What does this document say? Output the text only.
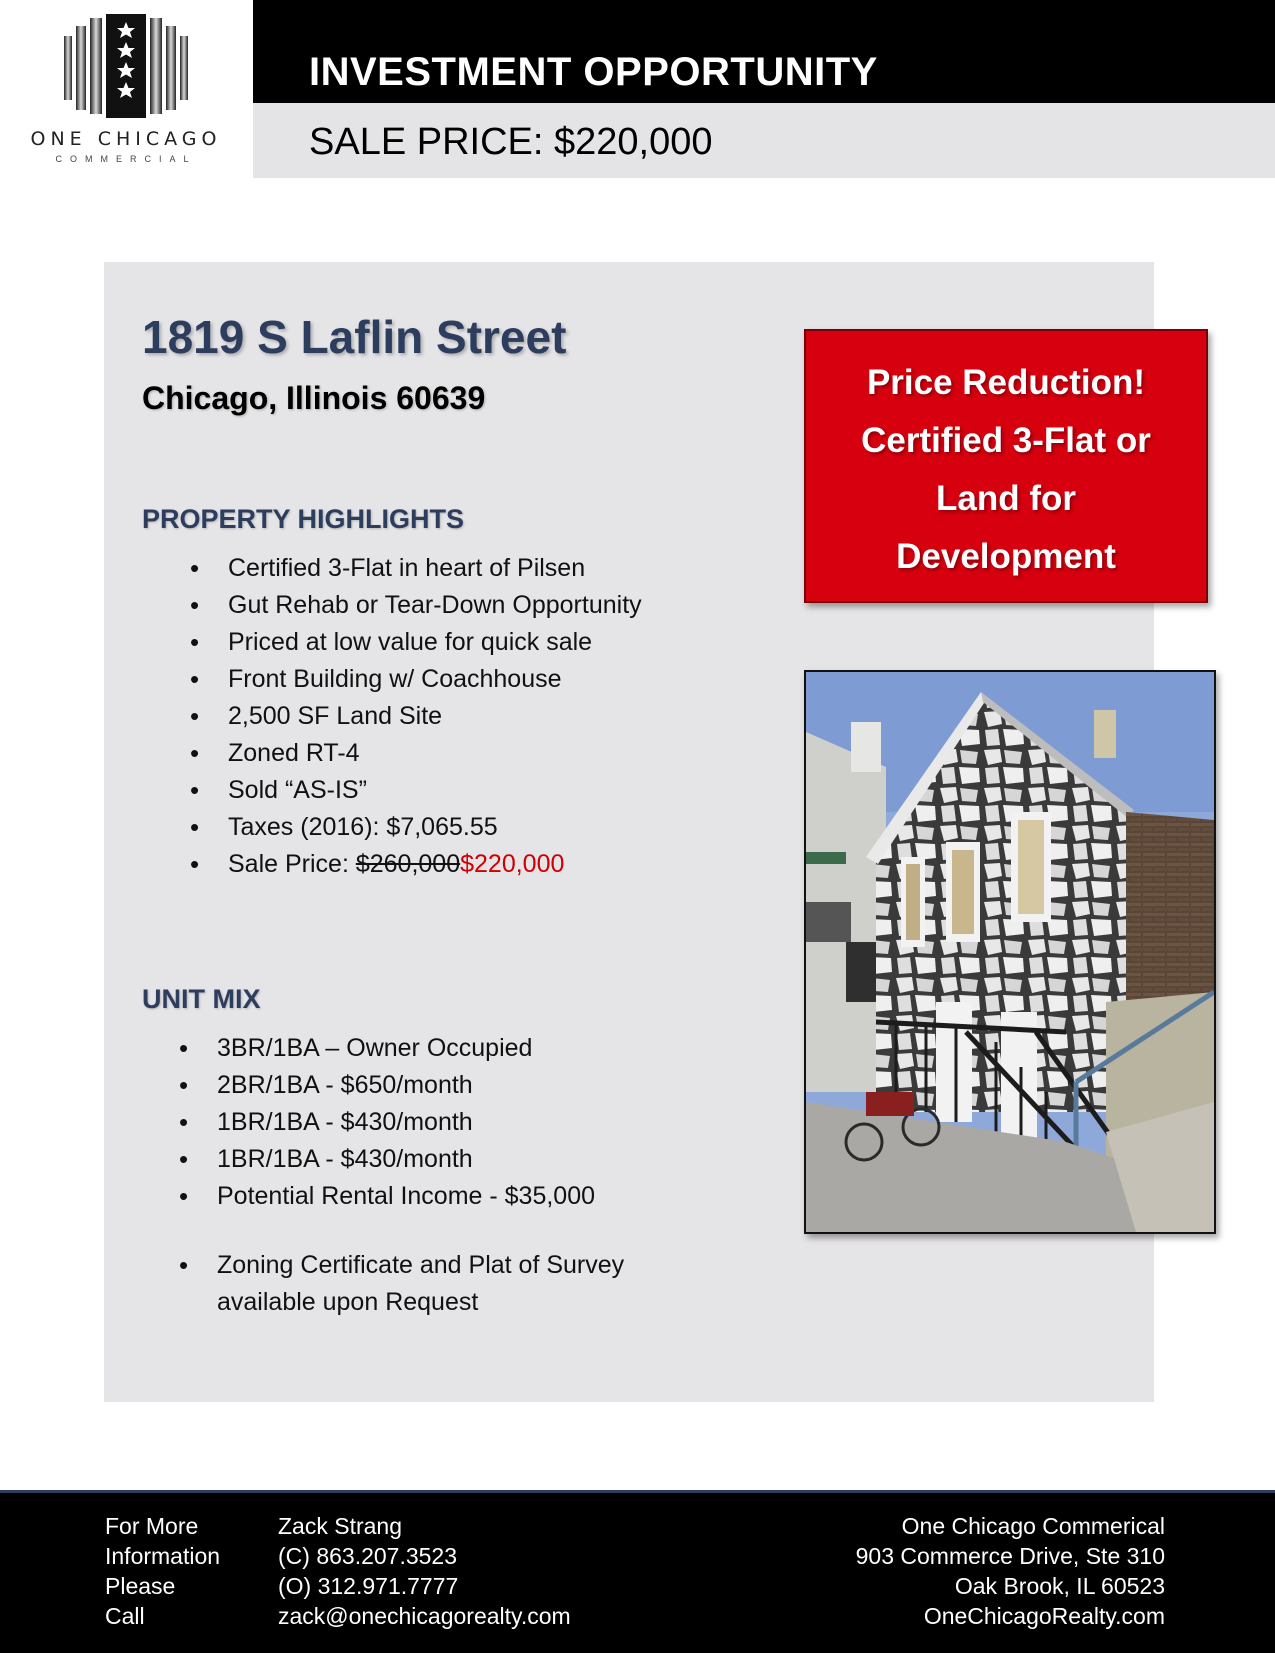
ONE CHICAGO
COMMERCIAL
INVESTMENT OPPORTUNITY
SALE PRICE: $220,000
1819 S Laflin Street
Chicago, Illinois 60639
PROPERTY HIGHLIGHTS
• Certified 3-Flat in heart of Pilsen
• Gut Rehab or Tear-Down Opportunity
• Priced at low value for quick sale
• Front Building w/ Coachhouse
• 2,500 SF Land Site
• Zoned RT-4
• Sold “AS-IS”
• Taxes (2016): $7,065.55
• Sale Price: $260,000$220,000
UNIT MIX
• 3BR/1BA – Owner Occupied
• 2BR/1BA - $650/month
• 1BR/1BA - $430/month
• 1BR/1BA - $430/month
• Potential Rental Income - $35,000
• Zoning Certificate and Plat of Survey
available upon Request
Price Reduction!
Certified 3-Flat or
Land for
Development
For More
Information
Please
Call
Zack Strang
(C) 863.207.3523
(O) 312.971.7777
zack@onechicagorealty.com
One Chicago Commerical
903 Commerce Drive, Ste 310
Oak Brook, IL 60523
OneChicagoRealty.com
